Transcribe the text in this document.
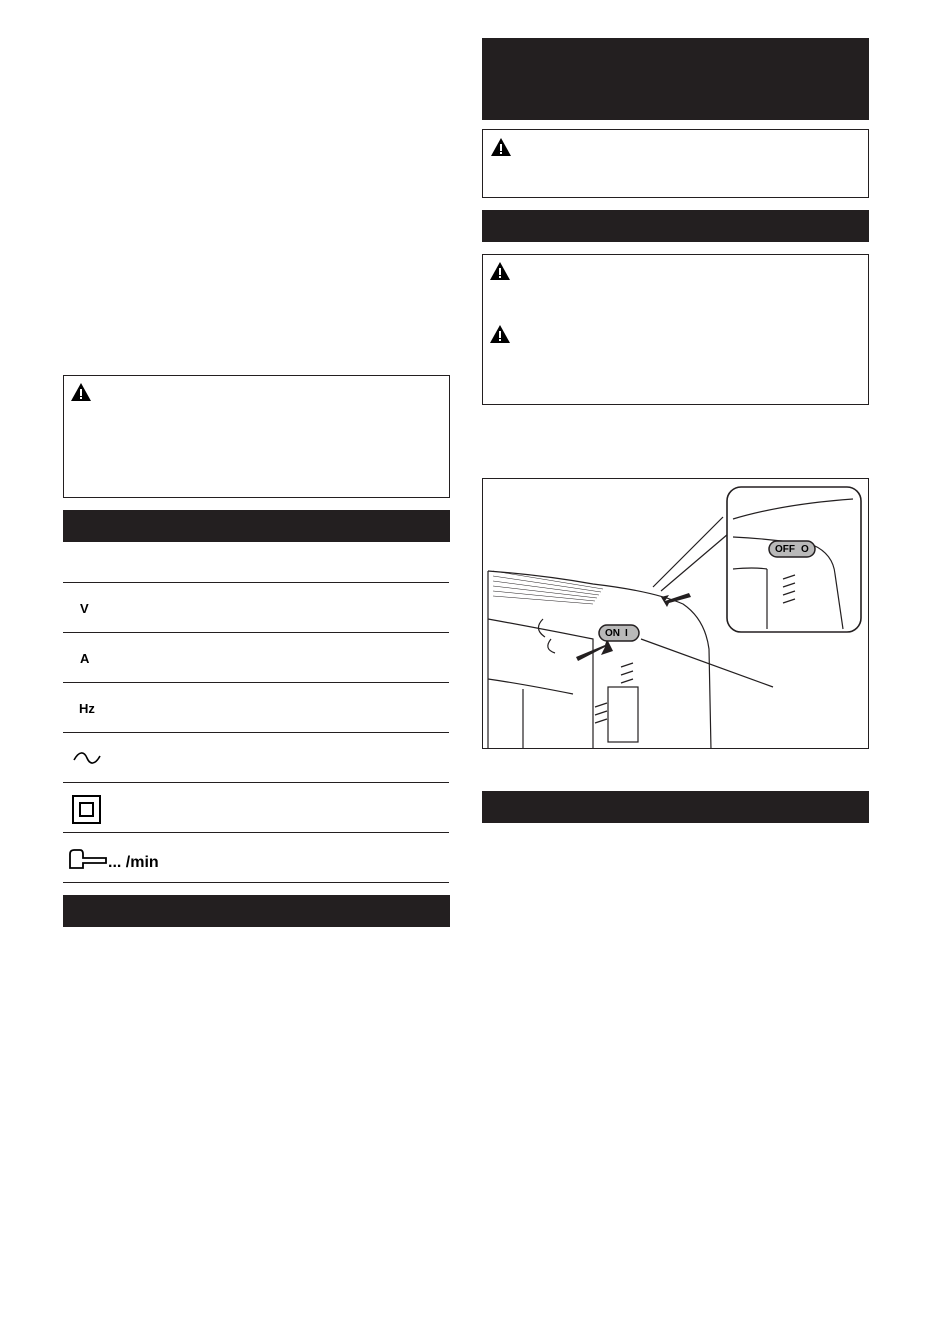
ON I
OFF O
V
A
Hz
... /min
